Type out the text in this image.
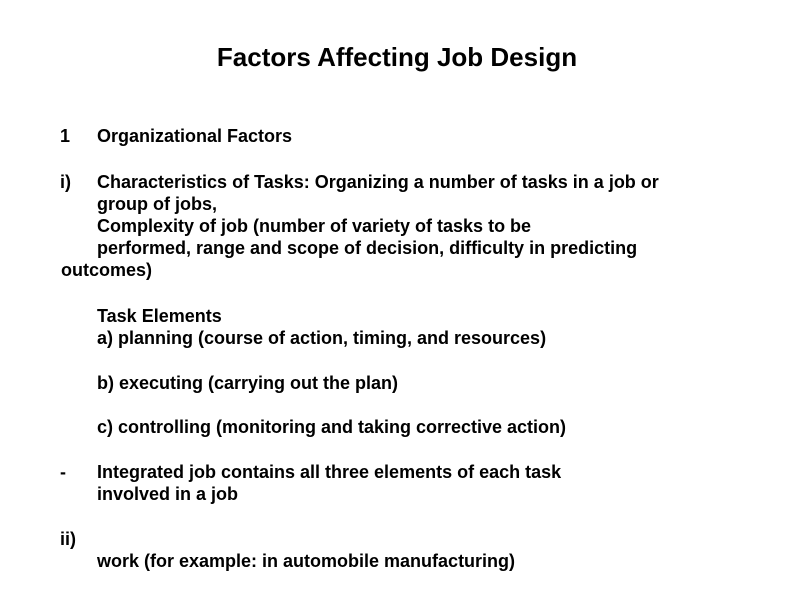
Factors Affecting Job Design
1 Organizational Factors
i) Characteristics of Tasks: Organizing a number of tasks in a job or
group of jobs,
Complexity of job (number of variety of tasks to be
performed, range and scope of decision, difficulty in predicting
outcomes)
Task Elements
a) planning (course of action, timing, and resources)
b) executing (carrying out the plan)
c) controlling (monitoring and taking corrective action)
- Integrated job contains all three elements of each task
involved in a job
ii)
work (for example: in automobile manufacturing)
